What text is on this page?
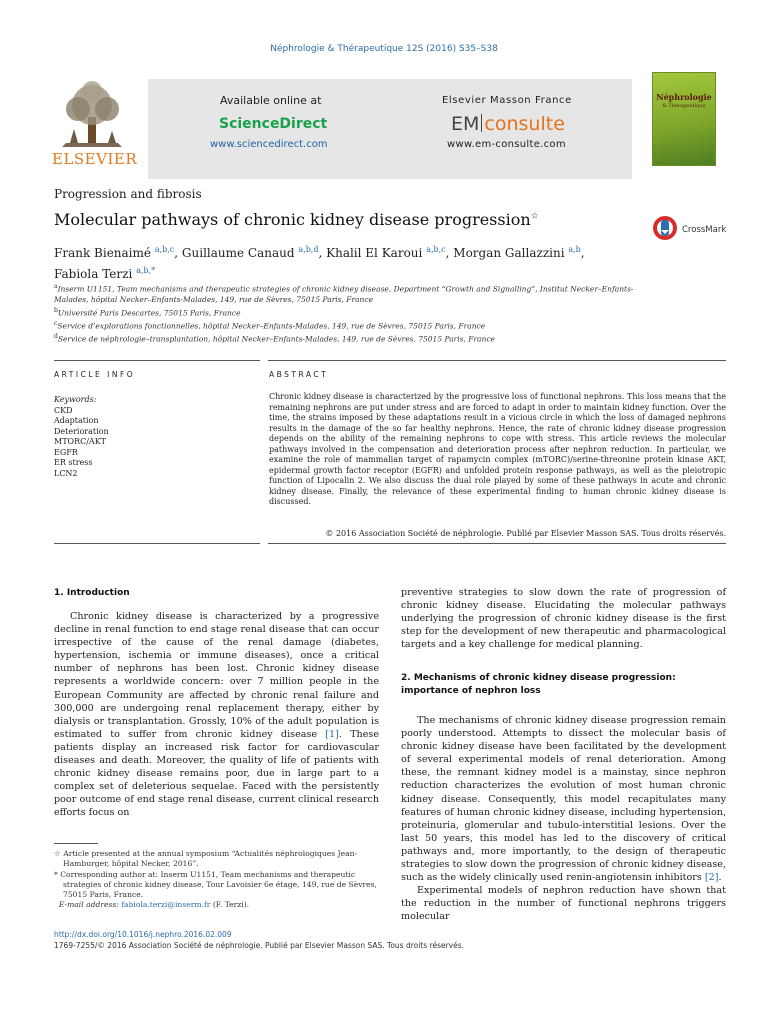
Néphrologie & Thérapeutique 12S (2016) S35–S38
ELSEVIER
Available online at
ScienceDirect
www.sciencedirect.com
Elsevier Masson France
EM consulte
www.em-consulte.com
Néphrologie
& Thérapeutique
Progression and fibrosis
Molecular pathways of chronic kidney disease progression☆
CrossMark
Frank Bienaimé $^{a,b,c}$, Guillaume Canaud $^{a,b,d}$, Khalil El Karoui $^{a,b,c}$, Morgan Gallazzini $^{a,b}$,
Fabiola Terzi $^{a,b,*}$
$^a$Inserm U1151, Team mechanisms and therapeutic strategies of chronic kidney disease, Department “Growth and Signalling”, Institut Necker–Enfants-Malades, hôpital Necker–Enfants-Malades, 149, rue de Sèvres, 75015 Paris, France
$^b$Université Paris Descartes, 75015 Paris, France
$^c$Service d’explorations fonctionnelles, hôpital Necker–Enfants-Malades, 149, rue de Sèvres, 75015 Paris, France
$^d$Service de néphrologie–transplantation, hôpital Necker–Enfants-Malades, 149, rue de Sèvres, 75015 Paris, France
ARTICLE INFO
Keywords:
CKD
Adaptation
Deterioration
MTORC/AKT
EGFR
ER stress
LCN2
ABSTRACT
Chronic kidney disease is characterized by the progressive loss of functional nephrons. This loss means that the remaining nephrons are put under stress and are forced to adapt in order to maintain kidney function. Over the time, the strains imposed by these adaptations result in a vicious circle in which the loss of damaged nephrons results in the damage of the so far healthy nephrons. Hence, the rate of chronic kidney disease progression depends on the ability of the remaining nephrons to cope with stress. This article reviews the molecular pathways involved in the compensation and deterioration process after nephron reduction. In particular, we examine the role of mammalian target of rapamycin complex (mTORC)/serine-threonine protein kinase AKT, epidermal growth factor receptor (EGFR) and unfolded protein response pathways, as well as the pleiotropic function of Lipocalin 2. We also discuss the dual role played by some of these pathways in acute and chronic kidney disease. Finally, the relevance of these experimental finding to human chronic kidney disease is discussed.
© 2016 Association Société de néphrologie. Publié par Elsevier Masson SAS. Tous droits réservés.
1. Introduction

Chronic kidney disease is characterized by a progressive decline in renal function to end stage renal disease that can occur irrespective of the cause of the renal damage (diabetes, hypertension, ischemia or immune diseases), once a critical number of nephrons has been lost. Chronic kidney disease represents a worldwide concern: over 7 million people in the European Community are affected by chronic renal failure and 300,000 are undergoing renal replacement therapy, either by dialysis or transplantation. Grossly, 10% of the adult population is estimated to suffer from chronic kidney disease [1]. These patients display an increased risk factor for cardiovascular diseases and death. Moreover, the quality of life of patients with chronic kidney disease remains poor, due in large part to a complex set of deleterious sequelae. Faced with the persistently poor outcome of end stage renal disease, current clinical research efforts focus on

preventive strategies to slow down the rate of progression of chronic kidney disease. Elucidating the molecular pathways underlying the progression of chronic kidney disease is the first step for the development of new therapeutic and pharmacological targets and a key challenge for medical planning.
2. Mechanisms of chronic kidney disease progression: importance of nephron loss

The mechanisms of chronic kidney disease progression remain poorly understood. Attempts to dissect the molecular basis of chronic kidney disease have been facilitated by the development of several experimental models of renal deterioration. Among these, the remnant kidney model is a mainstay, since nephron reduction characterizes the evolution of most human chronic kidney disease. Consequently, this model recapitulates many features of human chronic kidney disease, including hypertension, proteinuria, glomerular and tubulo-interstitial lesions. Over the last 50 years, this model has led to the discovery of critical pathways and, more importantly, to the design of therapeutic strategies to slow down the progression of chronic kidney disease, such as the widely clinically used renin-angiotensin inhibitors [2].

Experimental models of nephron reduction have shown that the reduction in the number of functional nephrons triggers molecular

☆ Article presented at the annual symposium “Actualités néphrologiques Jean-Hamburger, hôpital Necker, 2016”.
* Corresponding author at: Inserm U1151, Team mechanisms and therapeutic strategies of chronic kidney disease, Tour Lavoisier 6e étage, 149, rue de Sèvres, 75015 Paris, France.
E-mail address: fabiola.terzi@inserm.fr (F. Terzi).
http://dx.doi.org/10.1016/j.nephro.2016.02.009
1769-7255/© 2016 Association Société de néphrologie. Publié par Elsevier Masson SAS. Tous droits réservés.
